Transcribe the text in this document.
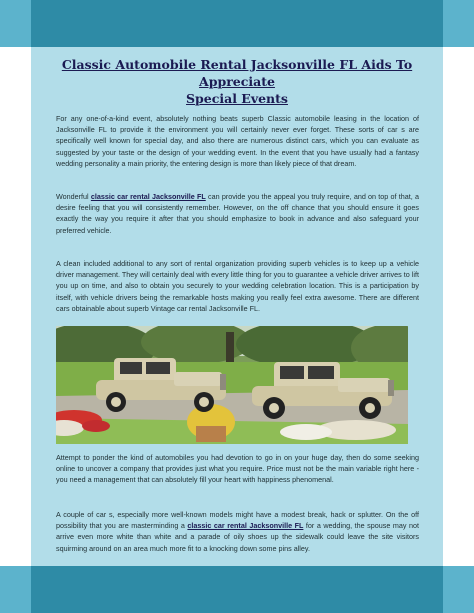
Classic Automobile Rental Jacksonville FL Aids To Appreciate
Special Events

For any one-of-a-kind event, absolutely nothing beats superb Classic automobile leasing in the location of Jacksonville FL to provide it the environment you will certainly never ever forget. These sorts of car s are specifically well known for special day, and also there are numerous distinct cars, which you can evaluate as suggested by your taste or the design of your wedding event. In the event that you have usually had a fantasy wedding personality a main priority, the entering design is more than likely piece of that dream.

Wonderful classic car rental Jacksonville FL can provide you the appeal you truly require, and on top of that, a desire feeling that you will consistently remember. However, on the off chance that you should ensure it goes exactly the way you require it after that you should emphasize to book in advance and also safeguard your preferred vehicle.

A clean included additional to any sort of rental organization providing superb vehicles is to keep up a vehicle driver management. They will certainly deal with every little thing for you to guarantee a vehicle driver arrives to lift you up on time, and also to obtain you securely to your wedding celebration location. This is a participation by itself, with vehicle drivers being the remarkable hosts making you really feel extra awesome. There are different cars obtainable about superb Vintage car rental Jacksonville FL.

Attempt to ponder the kind of automobiles you had devotion to go in on your huge day, then do some seeking online to uncover a company that provides just what you require. Price must not be the main variable right here - you need a management that can absolutely fill your heart with happiness phenomenal.

A couple of car s, especially more well-known models might have a modest break, hack or splutter. On the off possibility that you are masterminding a classic car rental Jacksonville FL for a wedding, the spouse may not arrive even more white than white and a parade of oily shoes up the sidewalk could leave the site visitors squirming around on an area much more fit to a knocking down some pins alley.
